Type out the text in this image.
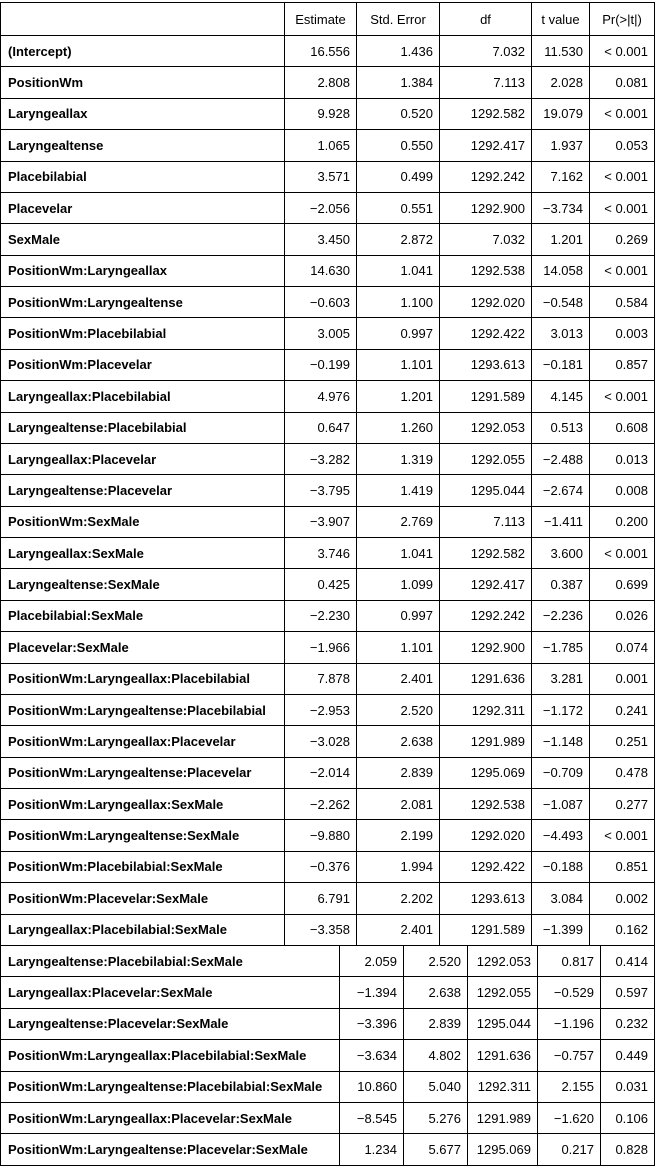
	Estimate	Std. Error	df	t value	Pr(>|t|)
(Intercept)	16.556	1.436	7.032	11.530	< 0.001
PositionWm	2.808	1.384	7.113	2.028	0.081
Laryngeallax	9.928	0.520	1292.582	19.079	< 0.001
Laryngealtense	1.065	0.550	1292.417	1.937	0.053
Placebilabial	3.571	0.499	1292.242	7.162	< 0.001
Placevelar	−2.056	0.551	1292.900	−3.734	< 0.001
SexMale	3.450	2.872	7.032	1.201	0.269
PositionWm:Laryngeallax	14.630	1.041	1292.538	14.058	< 0.001
PositionWm:Laryngealtense	−0.603	1.100	1292.020	−0.548	0.584
PositionWm:Placebilabial	3.005	0.997	1292.422	3.013	0.003
PositionWm:Placevelar	−0.199	1.101	1293.613	−0.181	0.857
Laryngeallax:Placebilabial	4.976	1.201	1291.589	4.145	< 0.001
Laryngealtense:Placebilabial	0.647	1.260	1292.053	0.513	0.608
Laryngeallax:Placevelar	−3.282	1.319	1292.055	−2.488	0.013
Laryngealtense:Placevelar	−3.795	1.419	1295.044	−2.674	0.008
PositionWm:SexMale	−3.907	2.769	7.113	−1.411	0.200
Laryngeallax:SexMale	3.746	1.041	1292.582	3.600	< 0.001
Laryngealtense:SexMale	0.425	1.099	1292.417	0.387	0.699
Placebilabial:SexMale	−2.230	0.997	1292.242	−2.236	0.026
Placevelar:SexMale	−1.966	1.101	1292.900	−1.785	0.074
PositionWm:Laryngeallax:Placebilabial	7.878	2.401	1291.636	3.281	0.001
PositionWm:Laryngealtense:Placebilabial	−2.953	2.520	1292.311	−1.172	0.241
PositionWm:Laryngeallax:Placevelar	−3.028	2.638	1291.989	−1.148	0.251
PositionWm:Laryngealtense:Placevelar	−2.014	2.839	1295.069	−0.709	0.478
PositionWm:Laryngeallax:SexMale	−2.262	2.081	1292.538	−1.087	0.277
PositionWm:Laryngealtense:SexMale	−9.880	2.199	1292.020	−4.493	< 0.001
PositionWm:Placebilabial:SexMale	−0.376	1.994	1292.422	−0.188	0.851
PositionWm:Placevelar:SexMale	6.791	2.202	1293.613	3.084	0.002
Laryngeallax:Placebilabial:SexMale	−3.358	2.401	1291.589	−1.399	0.162
Laryngealtense:Placebilabial:SexMale	2.059	2.520	1292.053	0.817	0.414
Laryngeallax:Placevelar:SexMale	−1.394	2.638	1292.055	−0.529	0.597
Laryngealtense:Placevelar:SexMale	−3.396	2.839	1295.044	−1.196	0.232
PositionWm:Laryngeallax:Placebilabial:SexMale	−3.634	4.802	1291.636	−0.757	0.449
PositionWm:Laryngealtense:Placebilabial:SexMale	10.860	5.040	1292.311	2.155	0.031
PositionWm:Laryngeallax:Placevelar:SexMale	−8.545	5.276	1291.989	−1.620	0.106
PositionWm:Laryngealtense:Placevelar:SexMale	1.234	5.677	1295.069	0.217	0.828
